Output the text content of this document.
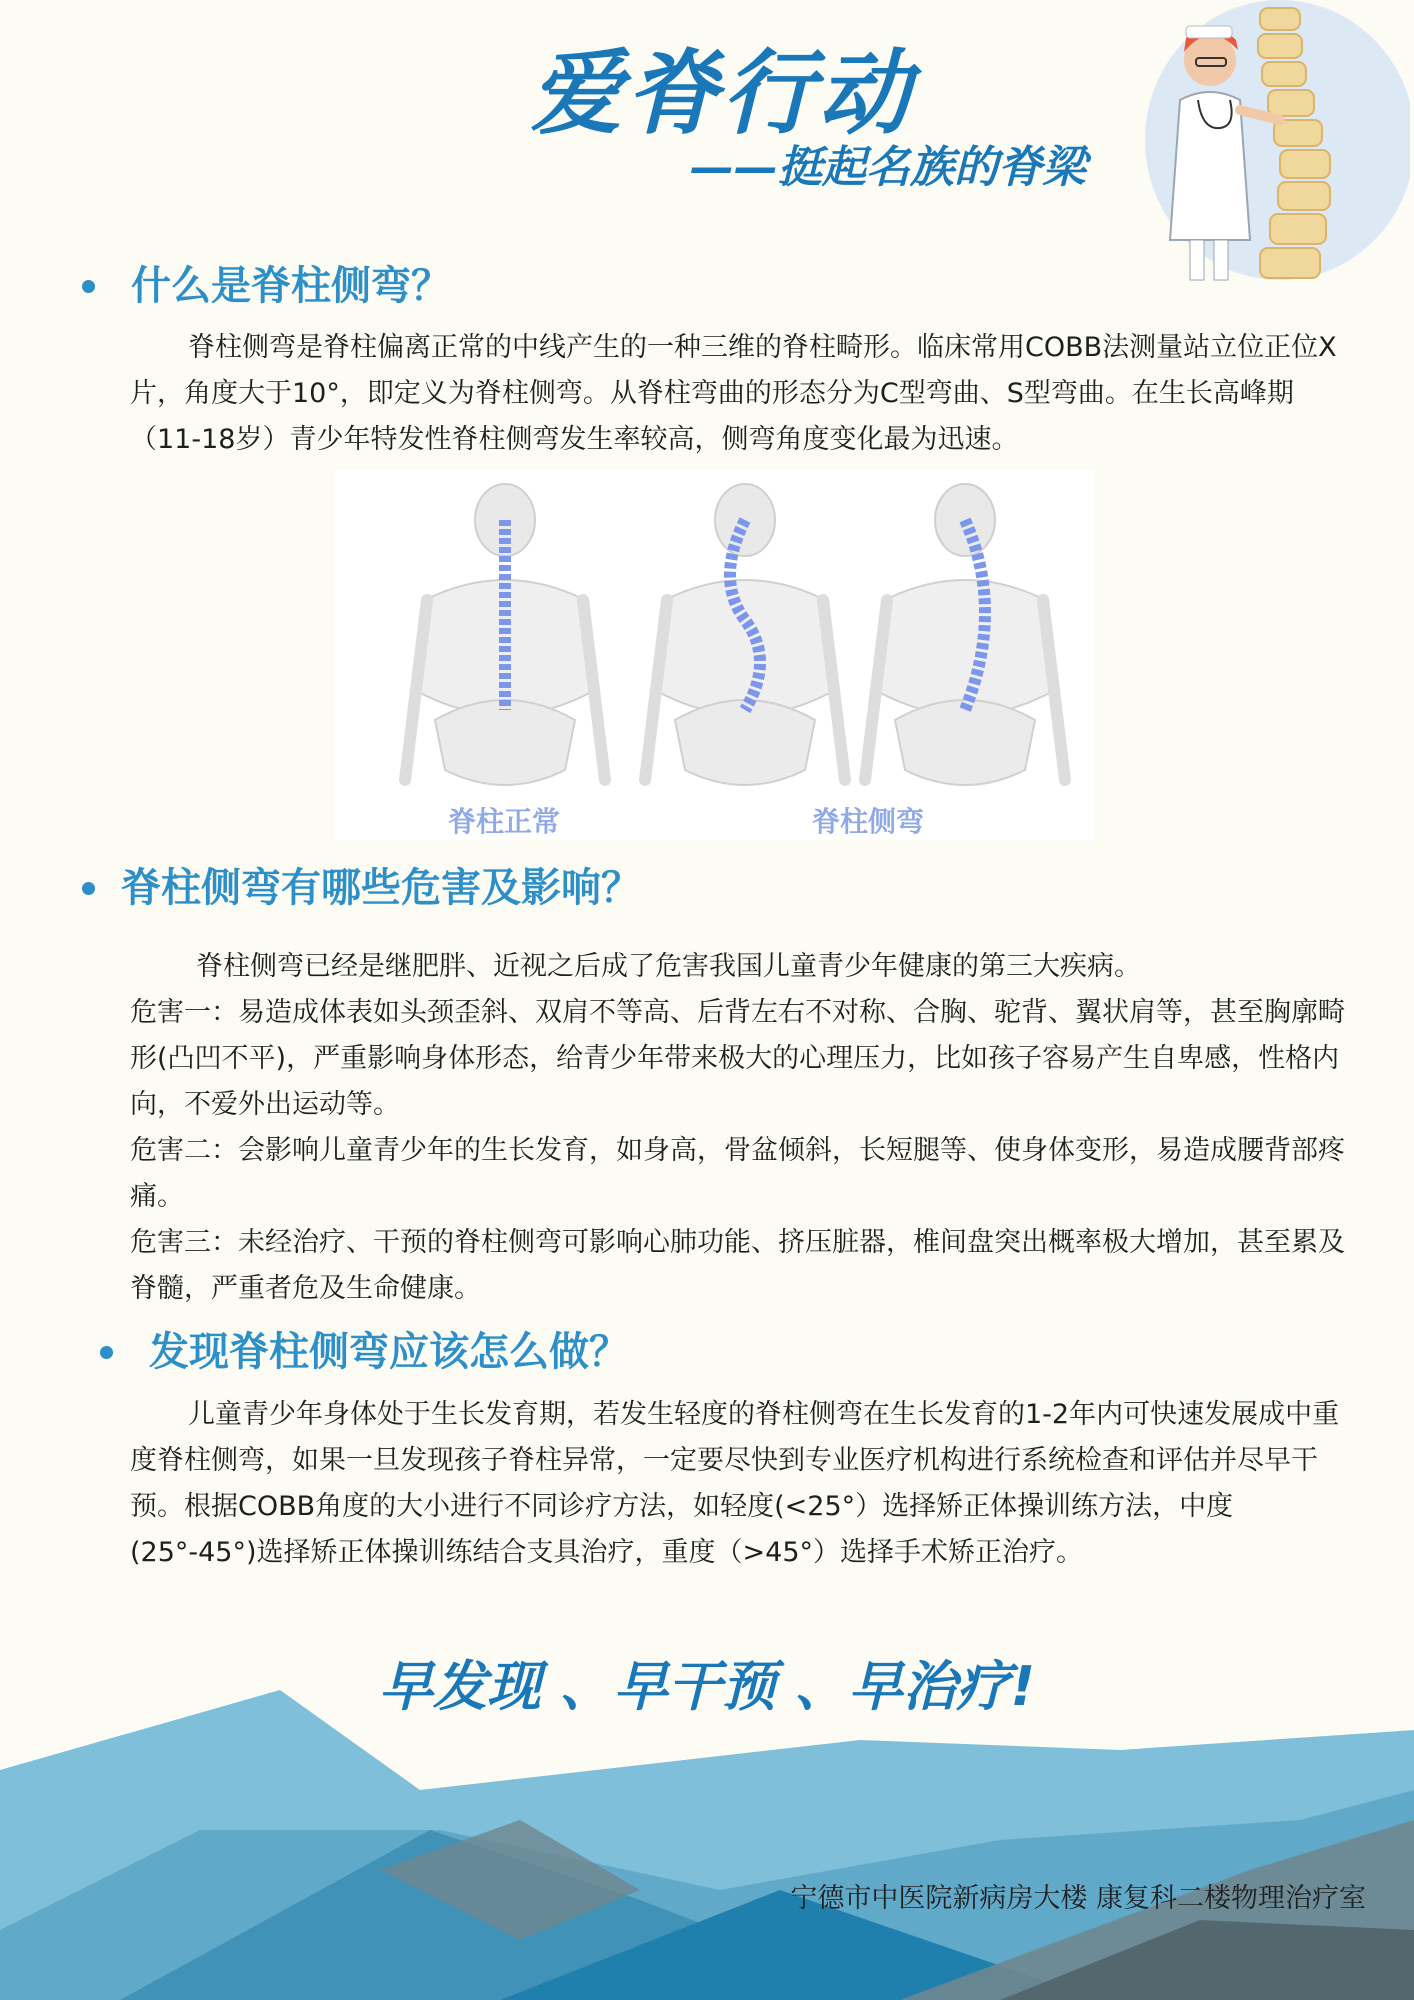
爱脊行动
——挺起名族的脊梁
什么是脊柱侧弯？

脊柱侧弯是脊柱偏离正常的中线产生的一种三维的脊柱畸形。临床常用COBB法测量站立位正位X片，角度大于10°，即定义为脊柱侧弯。从脊柱弯曲的形态分为C型弯曲、S型弯曲。在生长高峰期 （11-18岁）青少年特发性脊柱侧弯发生率较高，侧弯角度变化最为迅速。

脊柱正常	脊柱侧弯
脊柱侧弯有哪些危害及影响？

脊柱侧弯已经是继肥胖、近视之后成了危害我国儿童青少年健康的第三大疾病。

危害一：易造成体表如头颈歪斜、双肩不等高、后背左右不对称、合胸、驼背、翼状肩等，甚至胸廓畸形(凸凹不平)，严重影响身体形态，给青少年带来极大的心理压力，比如孩子容易产生自卑感，性格内向，不爱外出运动等。

危害二：会影响儿童青少年的生长发育，如身高，骨盆倾斜，长短腿等、使身体变形，易造成腰背部疼痛。

危害三：未经治疗、干预的脊柱侧弯可影响心肺功能、挤压脏器，椎间盘突出概率极大增加，甚至累及脊髓，严重者危及生命健康。

发现脊柱侧弯应该怎么做？

儿童青少年身体处于生长发育期，若发生轻度的脊柱侧弯在生长发育的1-2年内可快速发展成中重度脊柱侧弯，如果一旦发现孩子脊柱异常，一定要尽快到专业医疗机构进行系统检查和评估并尽早干预。根据COBB角度的大小进行不同诊疗方法，如轻度(<25°）选择矫正体操训练方法，中度(25°-45°)选择矫正体操训练结合支具治疗，重度（>45°）选择手术矫正治疗。

早发现 、早干预 、早治疗!

宁德市中医院新病房大楼 康复科二楼物理治疗室
